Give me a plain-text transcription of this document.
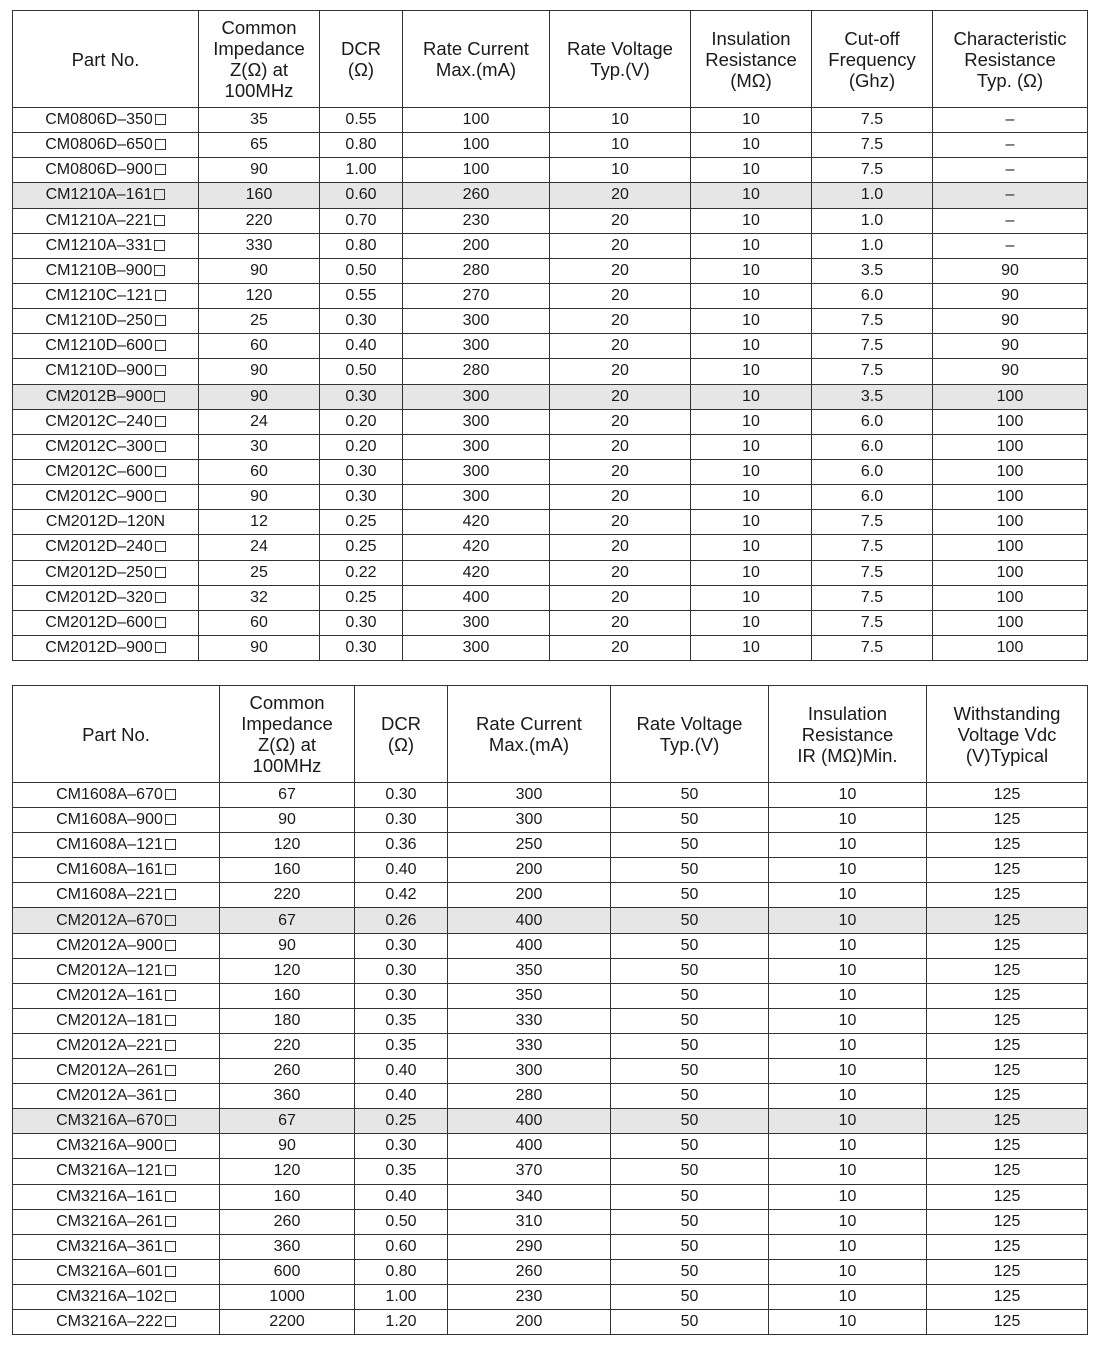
Part No.	Common
Impedance
Z(Ω) at
100MHz	DCR
(Ω)	Rate Current
Max.(mA)	Rate Voltage
Typ.(V)	Insulation
Resistance
(MΩ)	Cut-off
Frequency
(Ghz)	Characteristic
Resistance
Typ. (Ω)
CM0806D–350	35	0.55	100	10	10	7.5	–
CM0806D–650	65	0.80	100	10	10	7.5	–
CM0806D–900	90	1.00	100	10	10	7.5	–
CM1210A–161	160	0.60	260	20	10	1.0	–
CM1210A–221	220	0.70	230	20	10	1.0	–
CM1210A–331	330	0.80	200	20	10	1.0	–
CM1210B–900	90	0.50	280	20	10	3.5	90
CM1210C–121	120	0.55	270	20	10	6.0	90
CM1210D–250	25	0.30	300	20	10	7.5	90
CM1210D–600	60	0.40	300	20	10	7.5	90
CM1210D–900	90	0.50	280	20	10	7.5	90
CM2012B–900	90	0.30	300	20	10	3.5	100
CM2012C–240	24	0.20	300	20	10	6.0	100
CM2012C–300	30	0.20	300	20	10	6.0	100
CM2012C–600	60	0.30	300	20	10	6.0	100
CM2012C–900	90	0.30	300	20	10	6.0	100
CM2012D–120N	12	0.25	420	20	10	7.5	100
CM2012D–240	24	0.25	420	20	10	7.5	100
CM2012D–250	25	0.22	420	20	10	7.5	100
CM2012D–320	32	0.25	400	20	10	7.5	100
CM2012D–600	60	0.30	300	20	10	7.5	100
CM2012D–900	90	0.30	300	20	10	7.5	100
Part No.	Common
Impedance
Z(Ω) at
100MHz	DCR
(Ω)	Rate Current
Max.(mA)	Rate Voltage
Typ.(V)	Insulation
Resistance
IR (MΩ)Min.	Withstanding
Voltage Vdc
(V)Typical
CM1608A–670	67	0.30	300	50	10	125
CM1608A–900	90	0.30	300	50	10	125
CM1608A–121	120	0.36	250	50	10	125
CM1608A–161	160	0.40	200	50	10	125
CM1608A–221	220	0.42	200	50	10	125
CM2012A–670	67	0.26	400	50	10	125
CM2012A–900	90	0.30	400	50	10	125
CM2012A–121	120	0.30	350	50	10	125
CM2012A–161	160	0.30	350	50	10	125
CM2012A–181	180	0.35	330	50	10	125
CM2012A–221	220	0.35	330	50	10	125
CM2012A–261	260	0.40	300	50	10	125
CM2012A–361	360	0.40	280	50	10	125
CM3216A–670	67	0.25	400	50	10	125
CM3216A–900	90	0.30	400	50	10	125
CM3216A–121	120	0.35	370	50	10	125
CM3216A–161	160	0.40	340	50	10	125
CM3216A–261	260	0.50	310	50	10	125
CM3216A–361	360	0.60	290	50	10	125
CM3216A–601	600	0.80	260	50	10	125
CM3216A–102	1000	1.00	230	50	10	125
CM3216A–222	2200	1.20	200	50	10	125
